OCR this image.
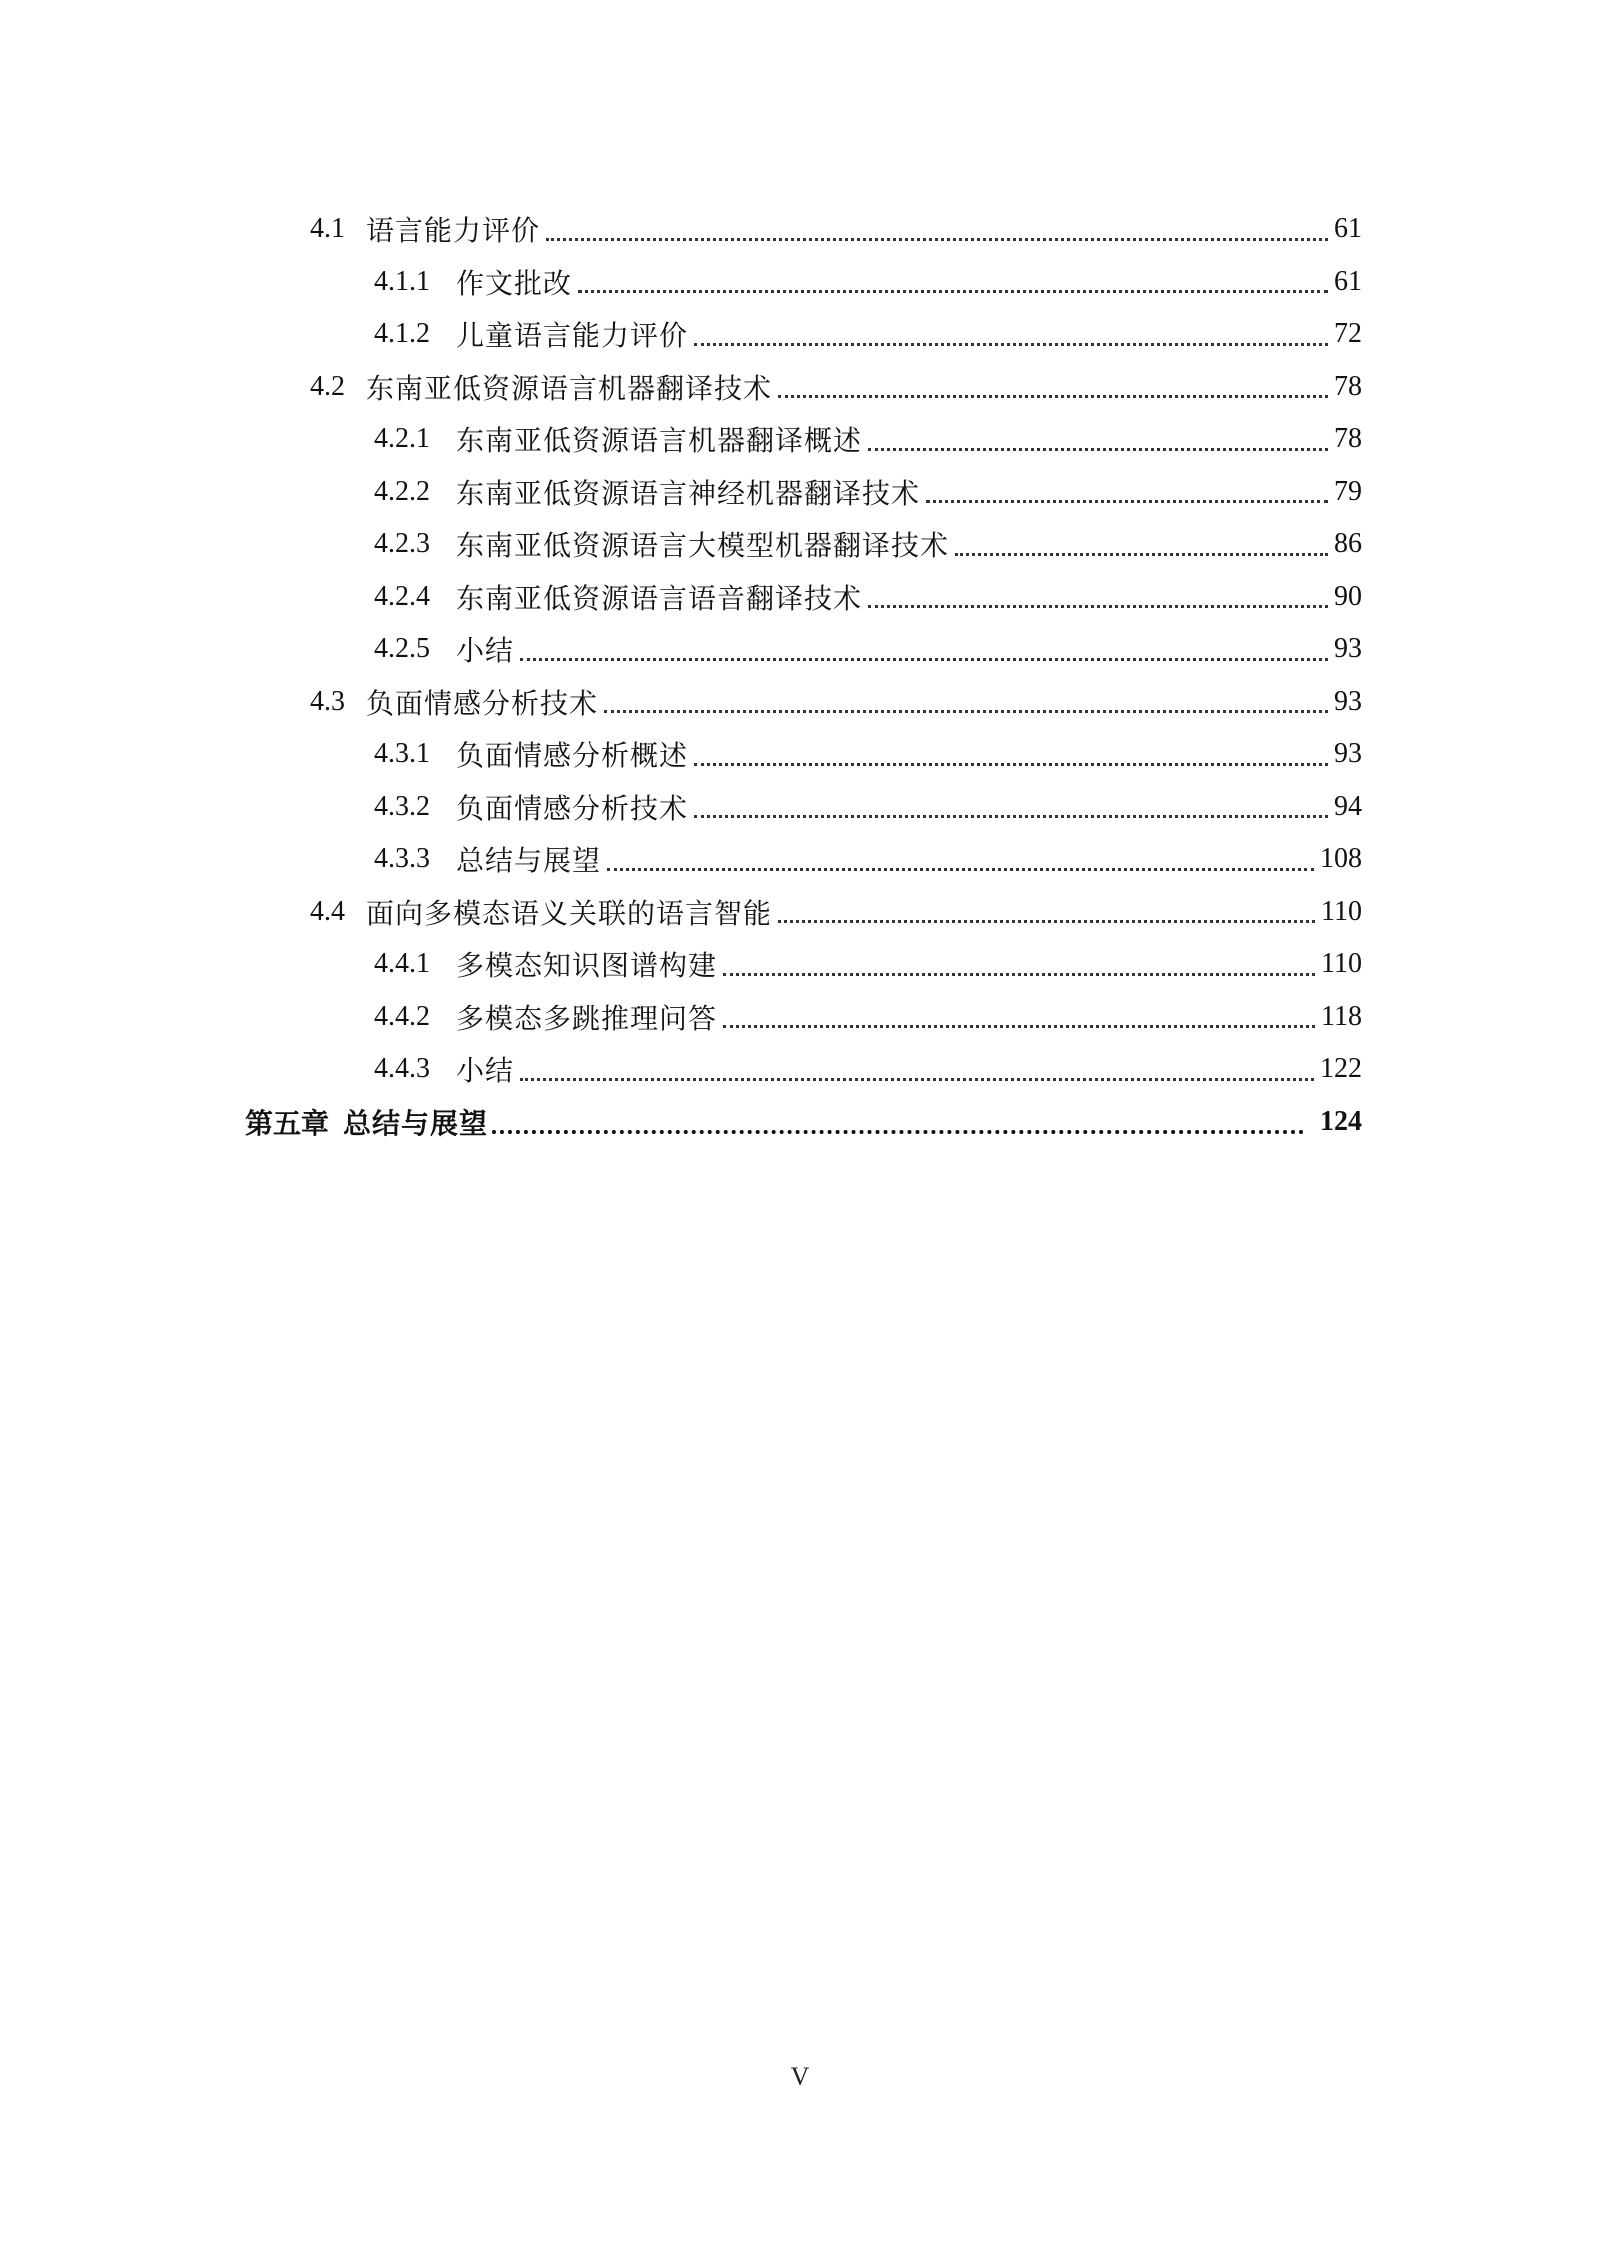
4.1 语言能力评价	61
4.1.1 作文批改	61
4.1.2 儿童语言能力评价	72
4.2 东南亚低资源语言机器翻译技术	78
4.2.1 东南亚低资源语言机器翻译概述	78
4.2.2 东南亚低资源语言神经机器翻译技术	79
4.2.3 东南亚低资源语言大模型机器翻译技术	86
4.2.4 东南亚低资源语言语音翻译技术	90
4.2.5 小结	93
4.3 负面情感分析技术	93
4.3.1 负面情感分析概述	93
4.3.2 负面情感分析技术	94
4.3.3 总结与展望	108
4.4 面向多模态语义关联的语言智能	110
4.4.1 多模态知识图谱构建	110
4.4.2 多模态多跳推理问答	118
4.4.3 小结	122
第五章 总结与展望	124
V
